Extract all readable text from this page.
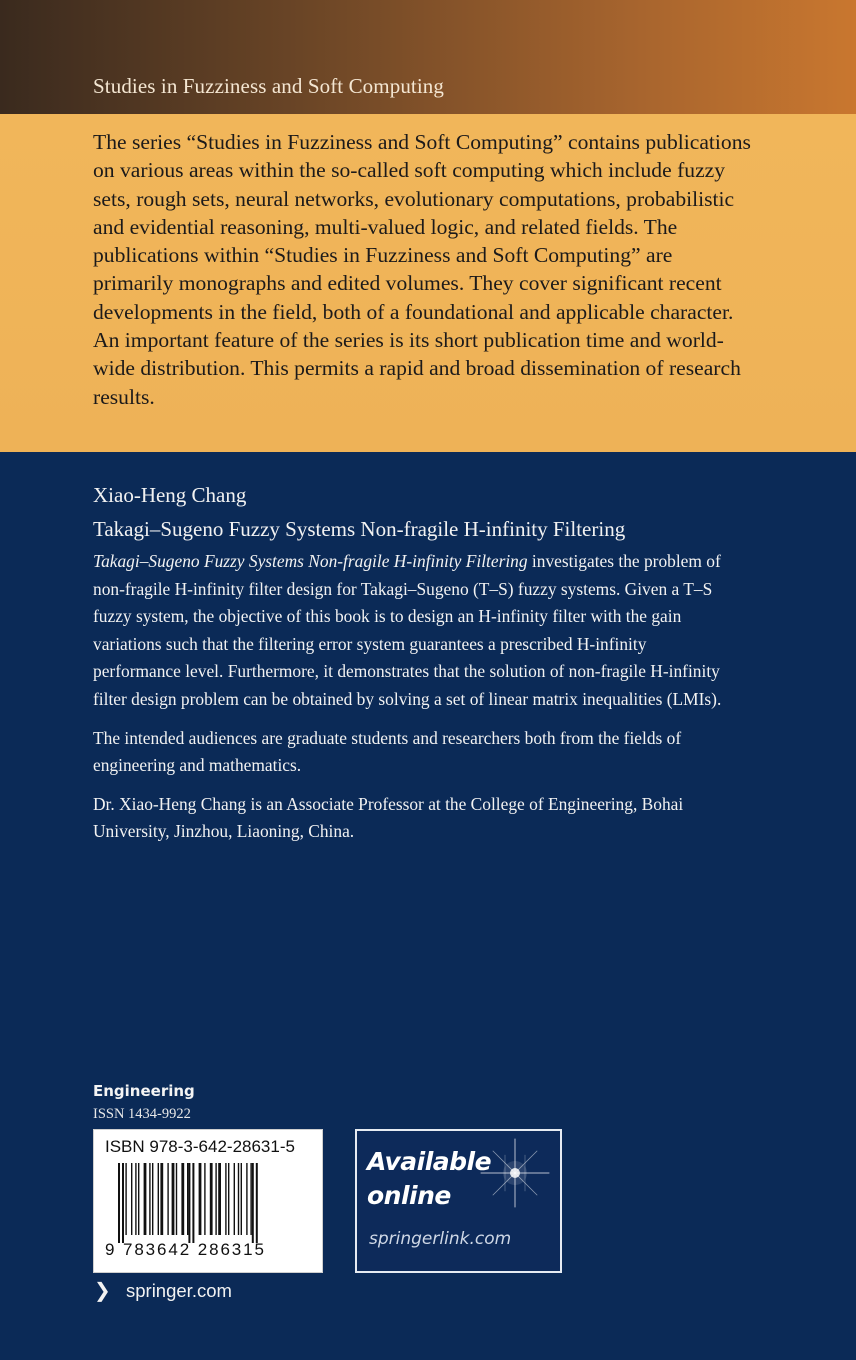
Studies in Fuzziness and Soft Computing

The series “Studies in Fuzziness and Soft Computing” contains publications on various areas within the so-called soft computing which include fuzzy sets, rough sets, neural networks, evolutionary computations, probabilistic and evidential reasoning, multi-valued logic, and related fields. The publications within “Studies in Fuzziness and Soft Computing” are primarily monographs and edited volumes. They cover significant recent developments in the field, both of a foundational and applicable character. An important feature of the series is its short publication time and world-wide distribution. This permits a rapid and broad dissemination of research results.

Xiao-Heng Chang

Takagi–Sugeno Fuzzy Systems Non-fragile H-infinity Filtering

Takagi–Sugeno Fuzzy Systems Non-fragile H-infinity Filtering investigates the problem of non-fragile H-infinity filter design for Takagi–Sugeno (T–S) fuzzy systems. Given a T–S fuzzy system, the objective of this book is to design an H-infinity filter with the gain variations such that the filtering error system guarantees a prescribed H-infinity performance level. Furthermore, it demonstrates that the solution of non-fragile H-infinity filter design problem can be obtained by solving a set of linear matrix inequalities (LMIs).

The intended audiences are graduate students and researchers both from the fields of engineering and mathematics.

Dr. Xiao-Heng Chang is an Associate Professor at the College of Engineering, Bohai University, Jinzhou, Liaoning, China.

Engineering
ISSN 1434-9922
ISBN 978-3-642-28631-5
9 783642 286315
Available
online
springerlink.com
❯ springer.com
